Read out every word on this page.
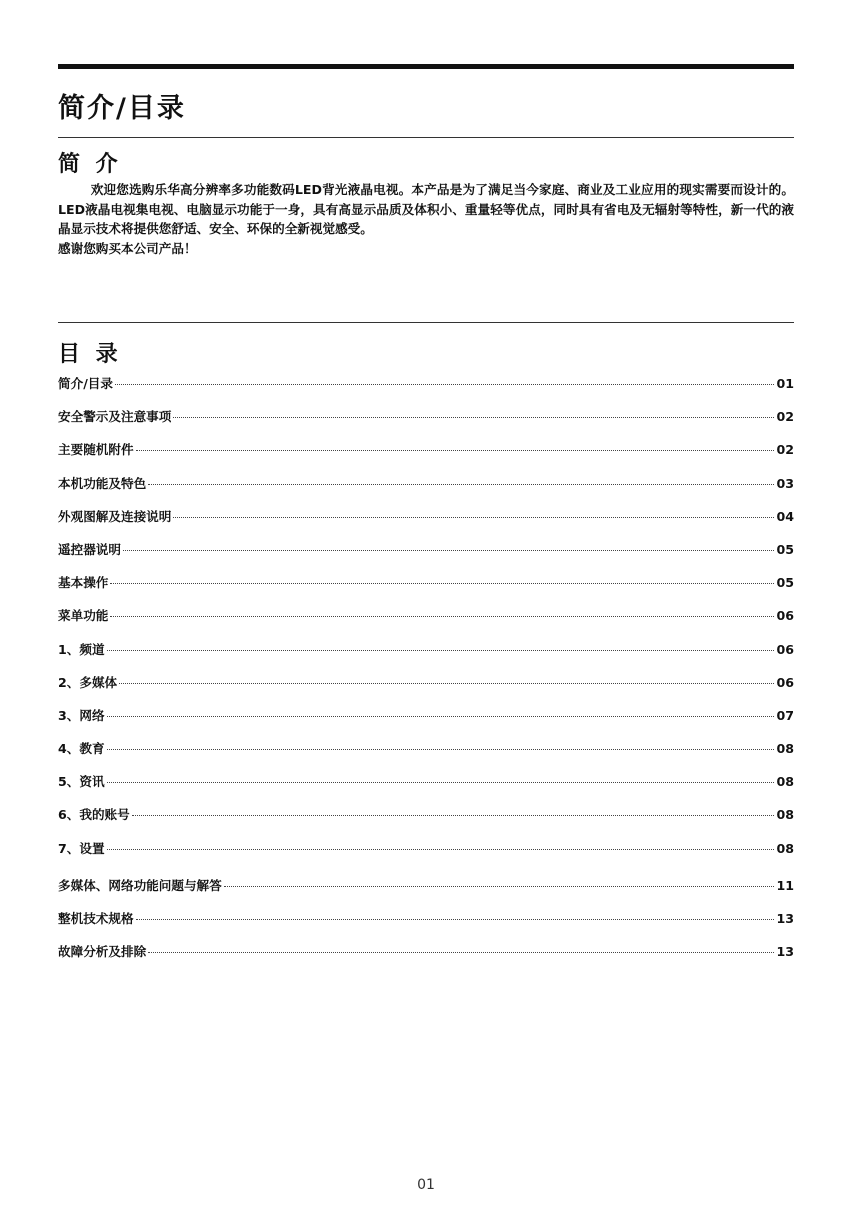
简介/目录
简 介

欢迎您选购乐华高分辨率多功能数码LED背光液晶电视。本产品是为了满足当今家庭、商业及工业应用的现实需要而设计的。LED液晶电视集电视、电脑显示功能于一身，具有高显示品质及体积小、重量轻等优点，同时具有省电及无辐射等特性，新一代的液晶显示技术将提供您舒适、安全、环保的全新视觉感受。
感谢您购买本公司产品！

目 录
简介/目录	01
安全警示及注意事项	02
主要随机附件	02
本机功能及特色	03
外观图解及连接说明	04
遥控器说明	05
基本操作	05
菜单功能	06
1、频道	06
2、多媒体	06
3、网络	07
4、教育	08
5、资讯	08
6、我的账号	08
7、设置	08
多媒体、网络功能问题与解答	11
整机技术规格	13
故障分析及排除	13
01
